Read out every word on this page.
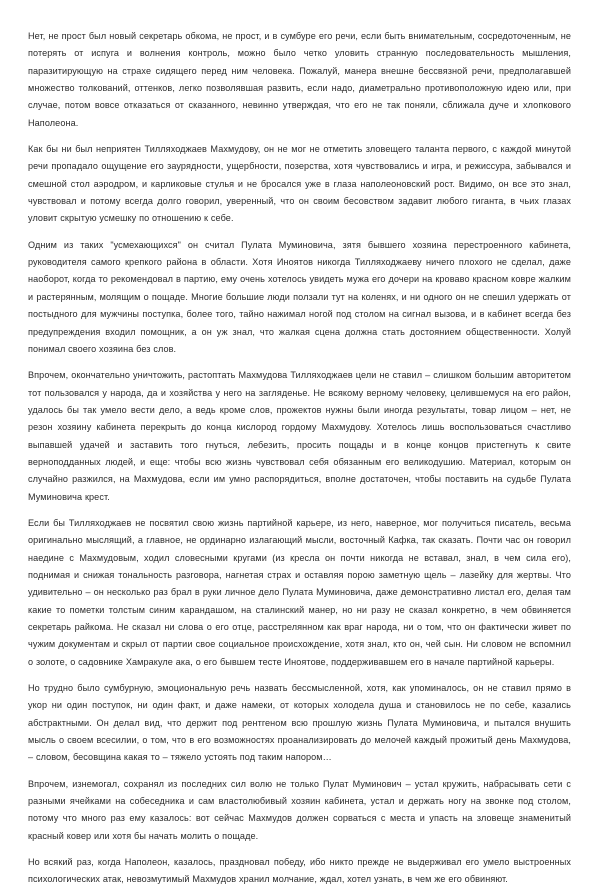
Нет, не прост был новый секретарь обкома, не прост, и в сумбуре его речи, если быть внимательным, сосредоточенным, не потерять от испуга и волнения контроль, можно было четко уловить странную последовательность мышления, паразитирующую на страхе сидящего перед ним человека. Пожалуй, манера внешне бессвязной речи, предполагавшей множество толкований, оттенков, легко позволявшая развить, если надо, диаметрально противоположную идею или, при случае, потом вовсе отказаться от сказанного, невинно утверждая, что его не так поняли, сближала дуче и хлопкового Наполеона.

Как бы ни был неприятен Тилляходжаев Махмудову, он не мог не отметить зловещего таланта первого, с каждой минутой речи пропадало ощущение его заурядности, ущербности, позерства, хотя чувствовались и игра, и режиссура, забывался и смешной стол аэродром, и карликовые стулья и не бросался уже в глаза наполеоновский рост. Видимо, он все это знал, чувствовал и потому всегда долго говорил, уверенный, что он своим бесовством задавит любого гиганта, в чьих глазах уловит скрытую усмешку по отношению к себе.

Одним из таких "усмехающихся" он считал Пулата Муминовича, зятя бывшего хозяина перестроенного кабинета, руководителя самого крепкого района в области. Хотя Иноятов никогда Тилляходжаеву ничего плохого не сделал, даже наоборот, когда то рекомендовал в партию, ему очень хотелось увидеть мужа его дочери на кроваво красном ковре жалким и растерянным, молящим о пощаде. Многие большие люди ползали тут на коленях, и ни одного он не спешил удержать от постыдного для мужчины поступка, более того, тайно нажимал ногой под столом на сигнал вызова, и в кабинет всегда без предупреждения входил помощник, а он уж знал, что жалкая сцена должна стать достоянием общественности. Холуй понимал своего хозяина без слов.

Впрочем, окончательно уничтожить, растоптать Махмудова Тилляходжаев цели не ставил – слишком большим авторитетом тот пользовался у народа, да и хозяйства у него на загляденье. Не всякому верному человеку, целившемуся на его район, удалось бы так умело вести дело, а ведь кроме слов, прожектов нужны были иногда результаты, товар лицом – нет, не резон хозяину кабинета перекрыть до конца кислород гордому Махмудову. Хотелось лишь воспользоваться счастливо выпавшей удачей и заставить того гнуться, лебезить, просить пощады и в конце концов пристегнуть к свите верноподданных людей, и еще: чтобы всю жизнь чувствовал себя обязанным его великодушию. Материал, которым он случайно разжился, на Махмудова, если им умно распорядиться, вполне достаточен, чтобы поставить на судьбе Пулата Муминовича крест.

Если бы Тилляходжаев не посвятил свою жизнь партийной карьере, из него, наверное, мог получиться писатель, весьма оригинально мыслящий, а главное, не ординарно излагающий мысли, восточный Кафка, так сказать. Почти час он говорил наедине с Махмудовым, ходил словесными кругами (из кресла он почти никогда не вставал, знал, в чем сила его), поднимая и снижая тональность разговора, нагнетая страх и оставляя порою заметную щель – лазейку для жертвы. Что удивительно – он несколько раз брал в руки личное дело Пулата Муминовича, даже демонстративно листал его, делая там какие то пометки толстым синим карандашом, на сталинский манер, но ни разу не сказал конкретно, в чем обвиняется секретарь райкома. Не сказал ни слова о его отце, расстрелянном как враг народа, ни о том, что он фактически живет по чужим документам и скрыл от партии свое социальное происхождение, хотя знал, кто он, чей сын. Ни словом не вспомнил о золоте, о садовнике Хамракуле ака, о его бывшем тесте Иноятове, поддерживавшем его в начале партийной карьеры.

Но трудно было сумбурную, эмоциональную речь назвать бессмысленной, хотя, как упоминалось, он не ставил прямо в укор ни один поступок, ни один факт, и даже намеки, от которых холодела душа и становилось не по себе, казались абстрактными. Он делал вид, что держит под рентгеном всю прошлую жизнь Пулата Муминовича, и пытался внушить мысль о своем всесилии, о том, что в его возможностях проанализировать до мелочей каждый прожитый день Махмудова, – словом, бесовщина какая то – тяжело устоять под таким напором…

Впрочем, изнемогал, сохранял из последних сил волю не только Пулат Муминович – устал кружить, набрасывать сети с разными ячейками на собеседника и сам властолюбивый хозяин кабинета, устал и держать ногу на звонке под столом, потому что много раз ему казалось: вот сейчас Махмудов должен сорваться с места и упасть на зловеще знаменитый красный ковер или хотя бы начать молить о пощаде.

Но всякий раз, когда Наполеон, казалось, праздновал победу, ибо никто прежде не выдерживал его умело выстроенных психологических атак, невозмутимый Махмудов хранил молчание, ждал, хотел узнать, в чем же его обвиняют.
